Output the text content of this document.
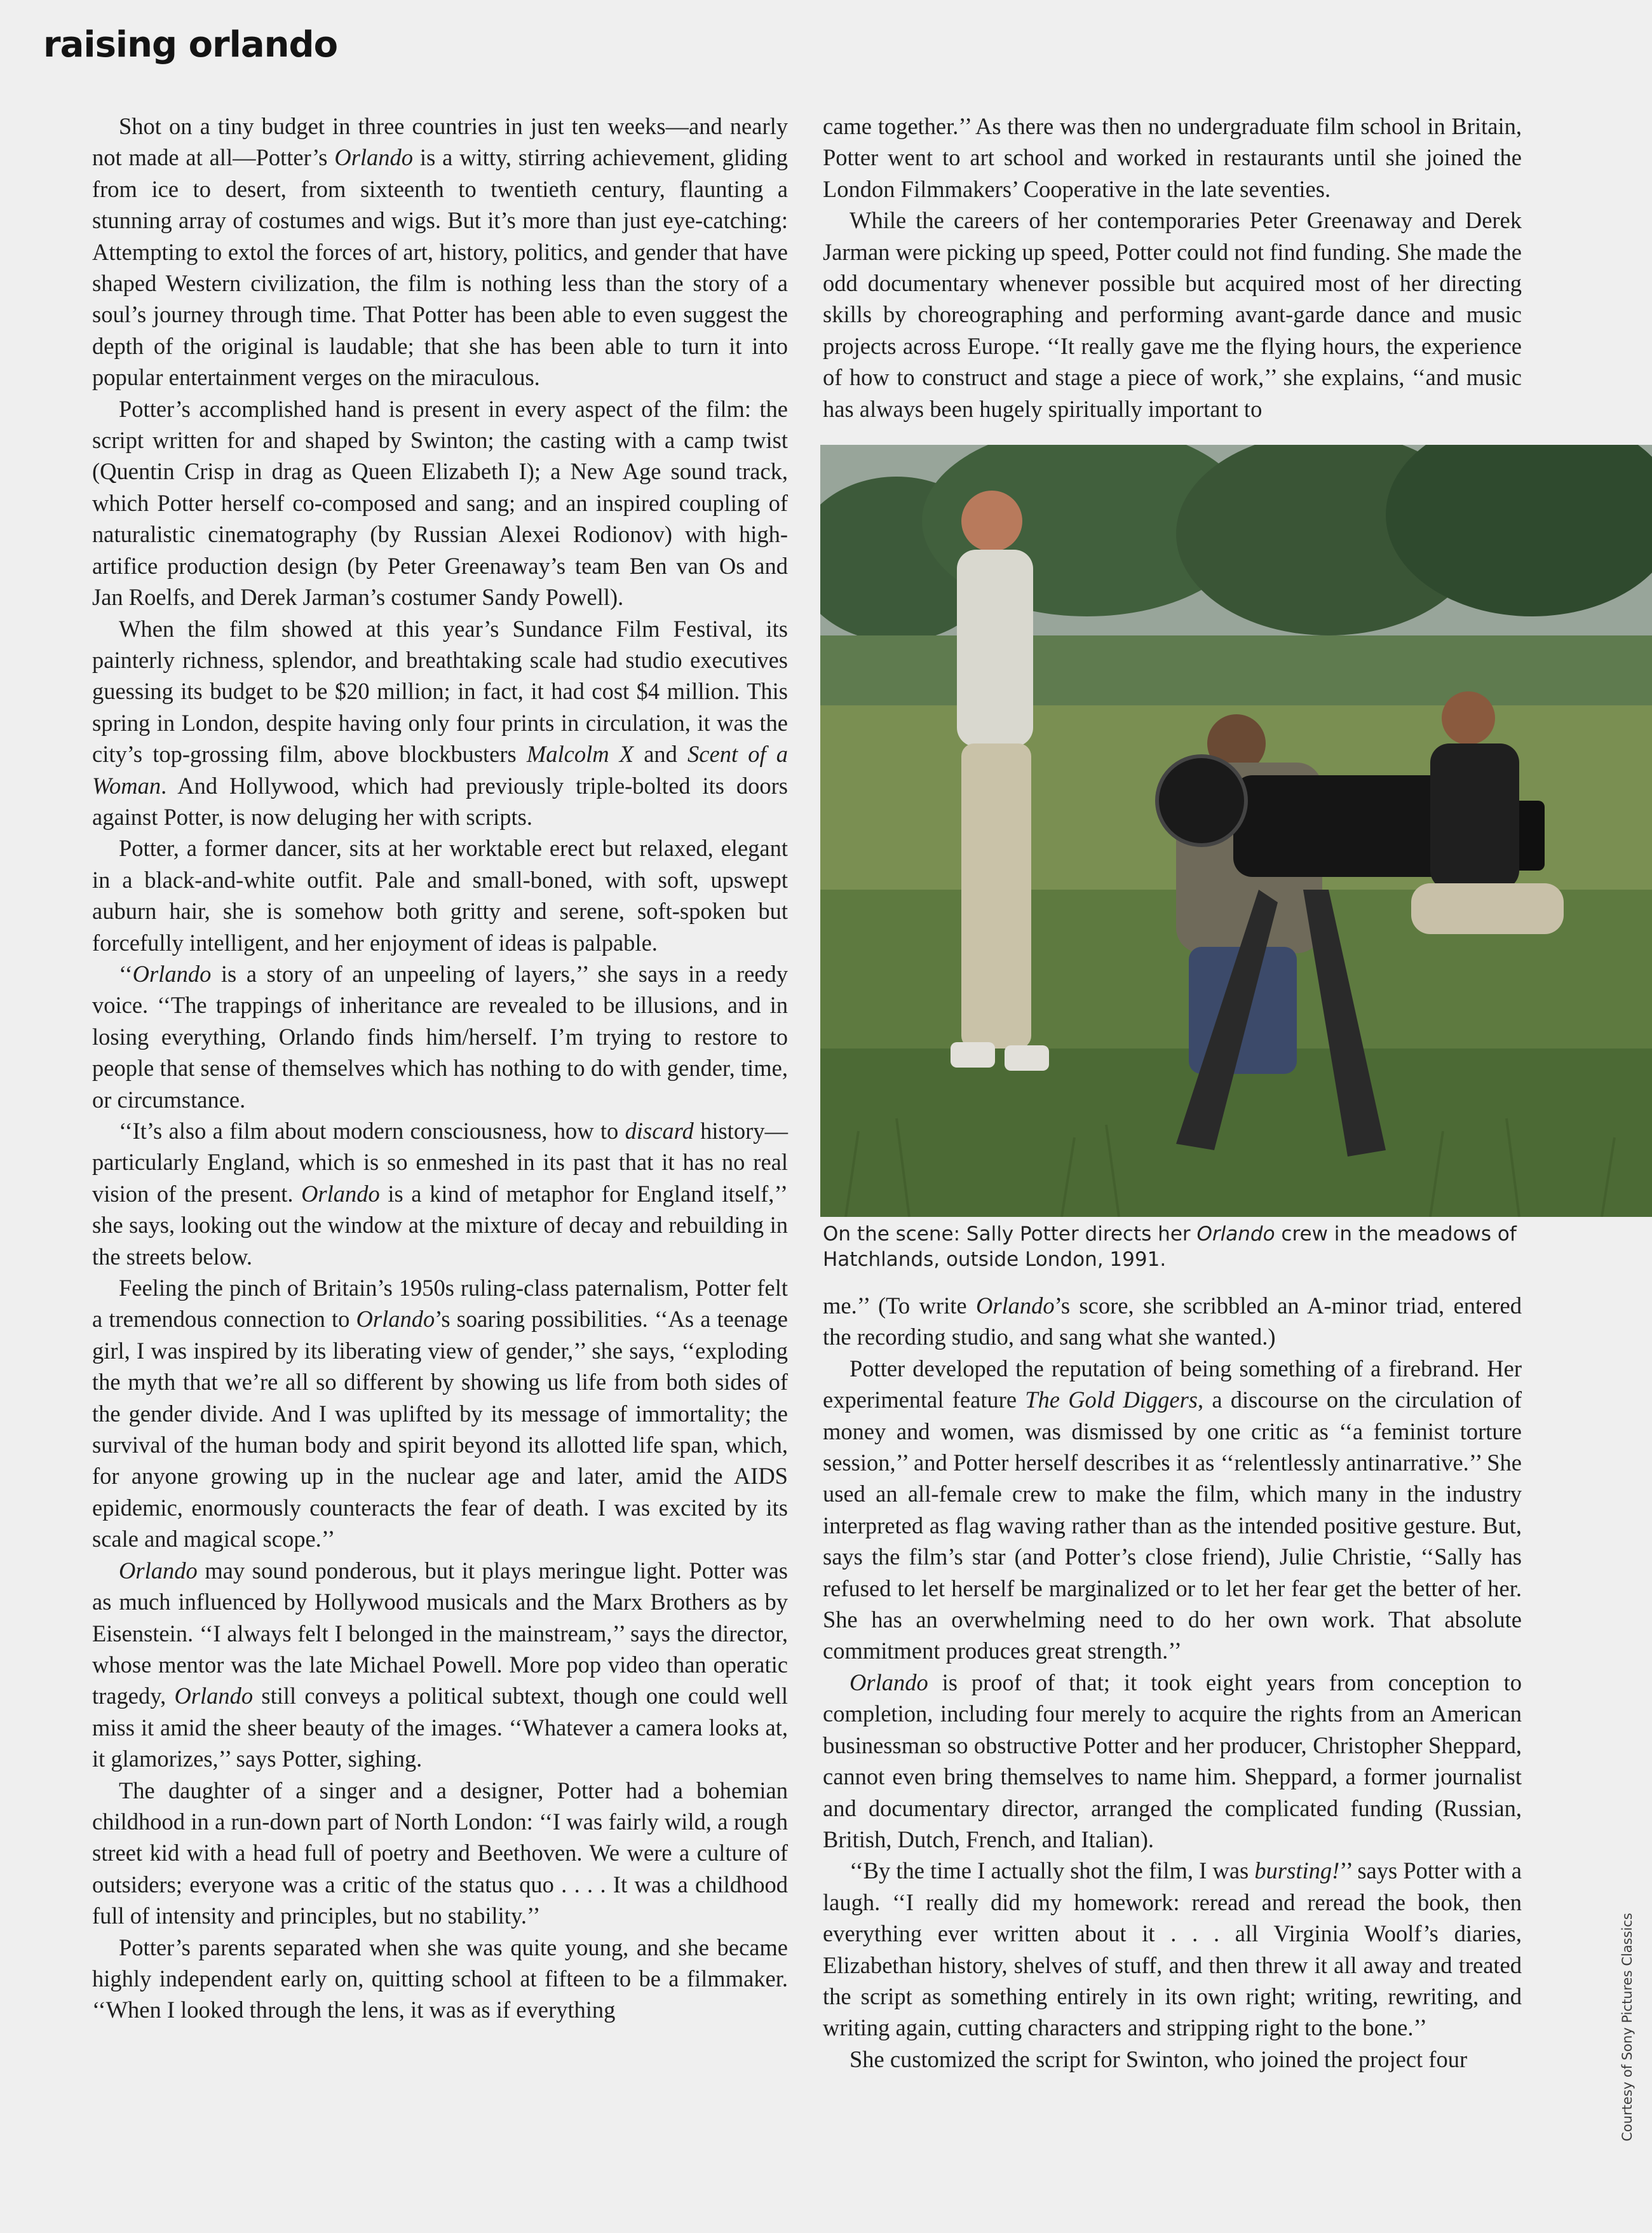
raising orlando

Shot on a tiny budget in three countries in just ten weeks—and nearly not made at all—Potter’s Orlando is a witty, stirring achievement, gliding from ice to desert, from sixteenth to twentieth century, flaunting a stunning array of costumes and wigs. But it’s more than just eye-catching: Attempting to extol the forces of art, history, politics, and gender that have shaped Western civilization, the film is nothing less than the story of a soul’s journey through time. That Potter has been able to even suggest the depth of the original is laudable; that she has been able to turn it into popular entertainment verges on the miraculous.

Potter’s accomplished hand is present in every aspect of the film: the script written for and shaped by Swinton; the casting with a camp twist (Quentin Crisp in drag as Queen Elizabeth I); a New Age sound track, which Potter herself co-composed and sang; and an inspired coupling of naturalistic cinematography (by Russian Alexei Rodionov) with high-artifice production design (by Peter Greenaway’s team Ben van Os and Jan Roelfs, and Derek Jarman’s costumer Sandy Powell).

When the film showed at this year’s Sundance Film Festival, its painterly richness, splendor, and breathtaking scale had studio executives guessing its budget to be $20 million; in fact, it had cost $4 million. This spring in London, despite having only four prints in circulation, it was the city’s top-grossing film, above blockbusters Malcolm X and Scent of a Woman. And Hollywood, which had previously triple-bolted its doors against Potter, is now deluging her with scripts.

Potter, a former dancer, sits at her worktable erect but relaxed, elegant in a black-and-white outfit. Pale and small-boned, with soft, upswept auburn hair, she is somehow both gritty and serene, soft-spoken but forcefully intelligent, and her enjoyment of ideas is palpable.

‘‘Orlando is a story of an unpeeling of layers,’’ she says in a reedy voice. ‘‘The trappings of inheritance are revealed to be illusions, and in losing everything, Orlando finds him/herself. I’m trying to restore to people that sense of themselves which has nothing to do with gender, time, or circumstance.

‘‘It’s also a film about modern consciousness, how to discard history—particularly England, which is so enmeshed in its past that it has no real vision of the present. Orlando is a kind of metaphor for England itself,’’ she says, looking out the window at the mixture of decay and rebuilding in the streets below.

Feeling the pinch of Britain’s 1950s ruling-class paternalism, Potter felt a tremendous connection to Orlando’s soaring possibilities. ‘‘As a teenage girl, I was inspired by its liberating view of gender,’’ she says, ‘‘exploding the myth that we’re all so different by showing us life from both sides of the gender divide. And I was uplifted by its message of immortality; the survival of the human body and spirit beyond its allotted life span, which, for anyone growing up in the nuclear age and later, amid the AIDS epidemic, enormously counteracts the fear of death. I was excited by its scale and magical scope.’’

Orlando may sound ponderous, but it plays meringue light. Potter was as much influenced by Hollywood musicals and the Marx Brothers as by Eisenstein. ‘‘I always felt I belonged in the mainstream,’’ says the director, whose mentor was the late Michael Powell. More pop video than operatic tragedy, Orlando still conveys a political subtext, though one could well miss it amid the sheer beauty of the images. ‘‘Whatever a camera looks at, it glamorizes,’’ says Potter, sighing.

The daughter of a singer and a designer, Potter had a bohemian childhood in a run-down part of North London: ‘‘I was fairly wild, a rough street kid with a head full of poetry and Beethoven. We were a culture of outsiders; everyone was a critic of the status quo . . . . It was a childhood full of intensity and principles, but no stability.’’

Potter’s parents separated when she was quite young, and she became highly independent early on, quitting school at fifteen to be a filmmaker. ‘‘When I looked through the lens, it was as if everything

came together.’’ As there was then no undergraduate film school in Britain, Potter went to art school and worked in restaurants until she joined the London Filmmakers’ Cooperative in the late seventies.

While the careers of her contemporaries Peter Greenaway and Derek Jarman were picking up speed, Potter could not find funding. She made the odd documentary whenever possible but acquired most of her directing skills by choreographing and performing avant-garde dance and music projects across Europe. ‘‘It really gave me the flying hours, the experience of how to construct and stage a piece of work,’’ she explains, ‘‘and music has always been hugely spiritually important to

On the scene: Sally Potter directs her Orlando crew in the meadows of Hatchlands, outside London, 1991.

me.’’ (To write Orlando’s score, she scribbled an A-minor triad, entered the recording studio, and sang what she wanted.)

Potter developed the reputation of being something of a firebrand. Her experimental feature The Gold Diggers, a discourse on the circulation of money and women, was dismissed by one critic as ‘‘a feminist torture session,’’ and Potter herself describes it as ‘‘relentlessly antinarrative.’’ She used an all-female crew to make the film, which many in the industry interpreted as flag waving rather than as the intended positive gesture. But, says the film’s star (and Potter’s close friend), Julie Christie, ‘‘Sally has refused to let herself be marginalized or to let her fear get the better of her. She has an overwhelming need to do her own work. That absolute commitment produces great strength.’’

Orlando is proof of that; it took eight years from conception to completion, including four merely to acquire the rights from an American businessman so obstructive Potter and her producer, Christopher Sheppard, cannot even bring themselves to name him. Sheppard, a former journalist and documentary director, arranged the complicated funding (Russian, British, Dutch, French, and Italian).

‘‘By the time I actually shot the film, I was bursting!’’ says Potter with a laugh. ‘‘I really did my homework: reread and reread the book, then everything ever written about it . . . all Virginia Woolf’s diaries, Elizabethan history, shelves of stuff, and then threw it all away and treated the script as something entirely in its own right; writing, rewriting, and writing again, cutting characters and stripping right to the bone.’’

She customized the script for Swinton, who joined the project four	Courtesy of Sony Pictures Classics
